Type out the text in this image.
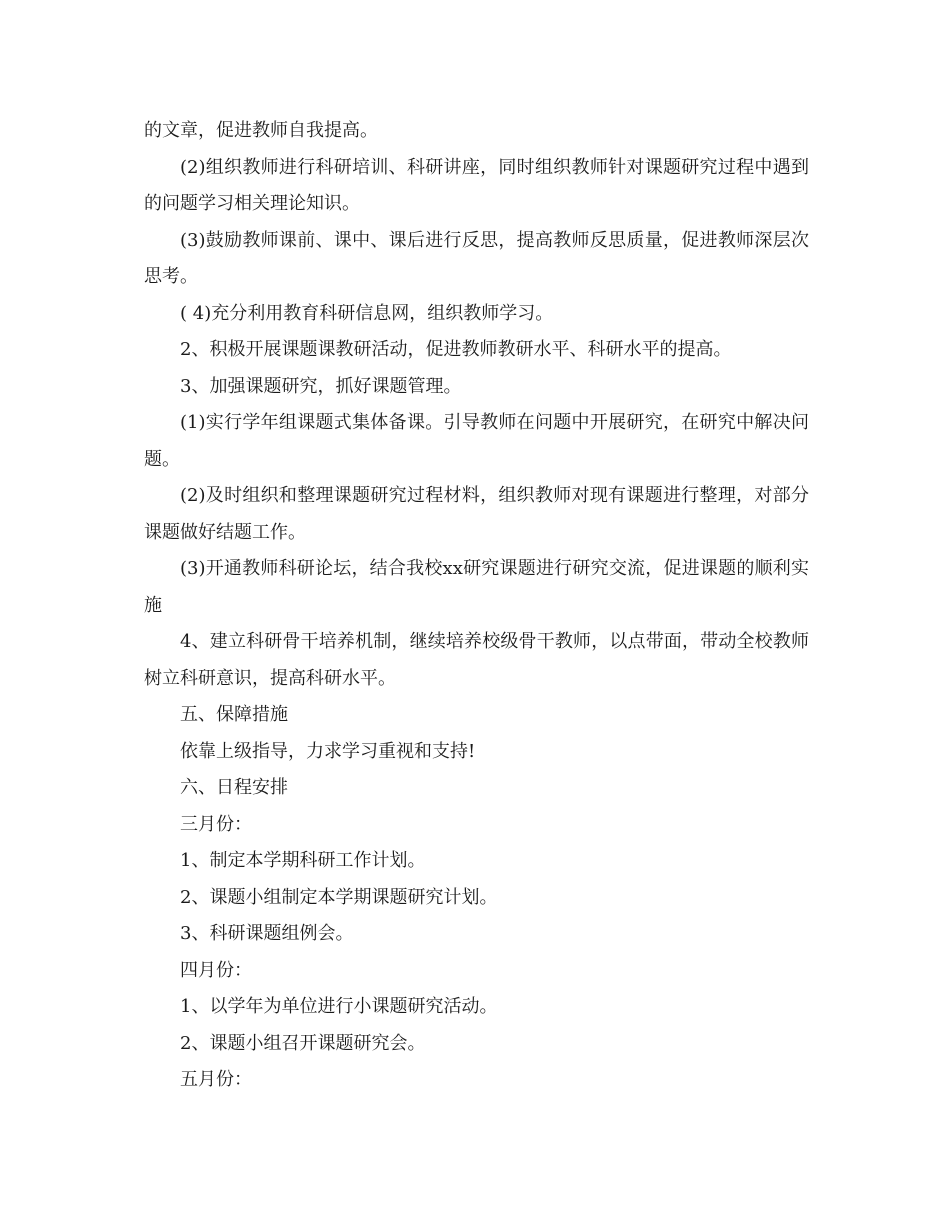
的文章，促进教师自我提高。

(2)组织教师进行科研培训、科研讲座，同时组织教师针对课题研究过程中遇到的问题学习相关理论知识。

(3)鼓励教师课前、课中、课后进行反思，提高教师反思质量，促进教师深层次思考。

( 4)充分利用教育科研信息网，组织教师学习。

2、积极开展课题课教研活动，促进教师教研水平、科研水平的提高。

3、加强课题研究，抓好课题管理。

(1)实行学年组课题式集体备课。引导教师在问题中开展研究，在研究中解决问题。

(2)及时组织和整理课题研究过程材料，组织教师对现有课题进行整理，对部分课题做好结题工作。

(3)开通教师科研论坛，结合我校xx研究课题进行研究交流，促进课题的顺利实施

4、建立科研骨干培养机制，继续培养校级骨干教师，以点带面，带动全校教师树立科研意识，提高科研水平。

五、保障措施

依靠上级指导，力求学习重视和支持!

六、日程安排

三月份：

1、制定本学期科研工作计划。

2、课题小组制定本学期课题研究计划。

3、科研课题组例会。

四月份：

1、以学年为单位进行小课题研究活动。

2、课题小组召开课题研究会。

五月份：
